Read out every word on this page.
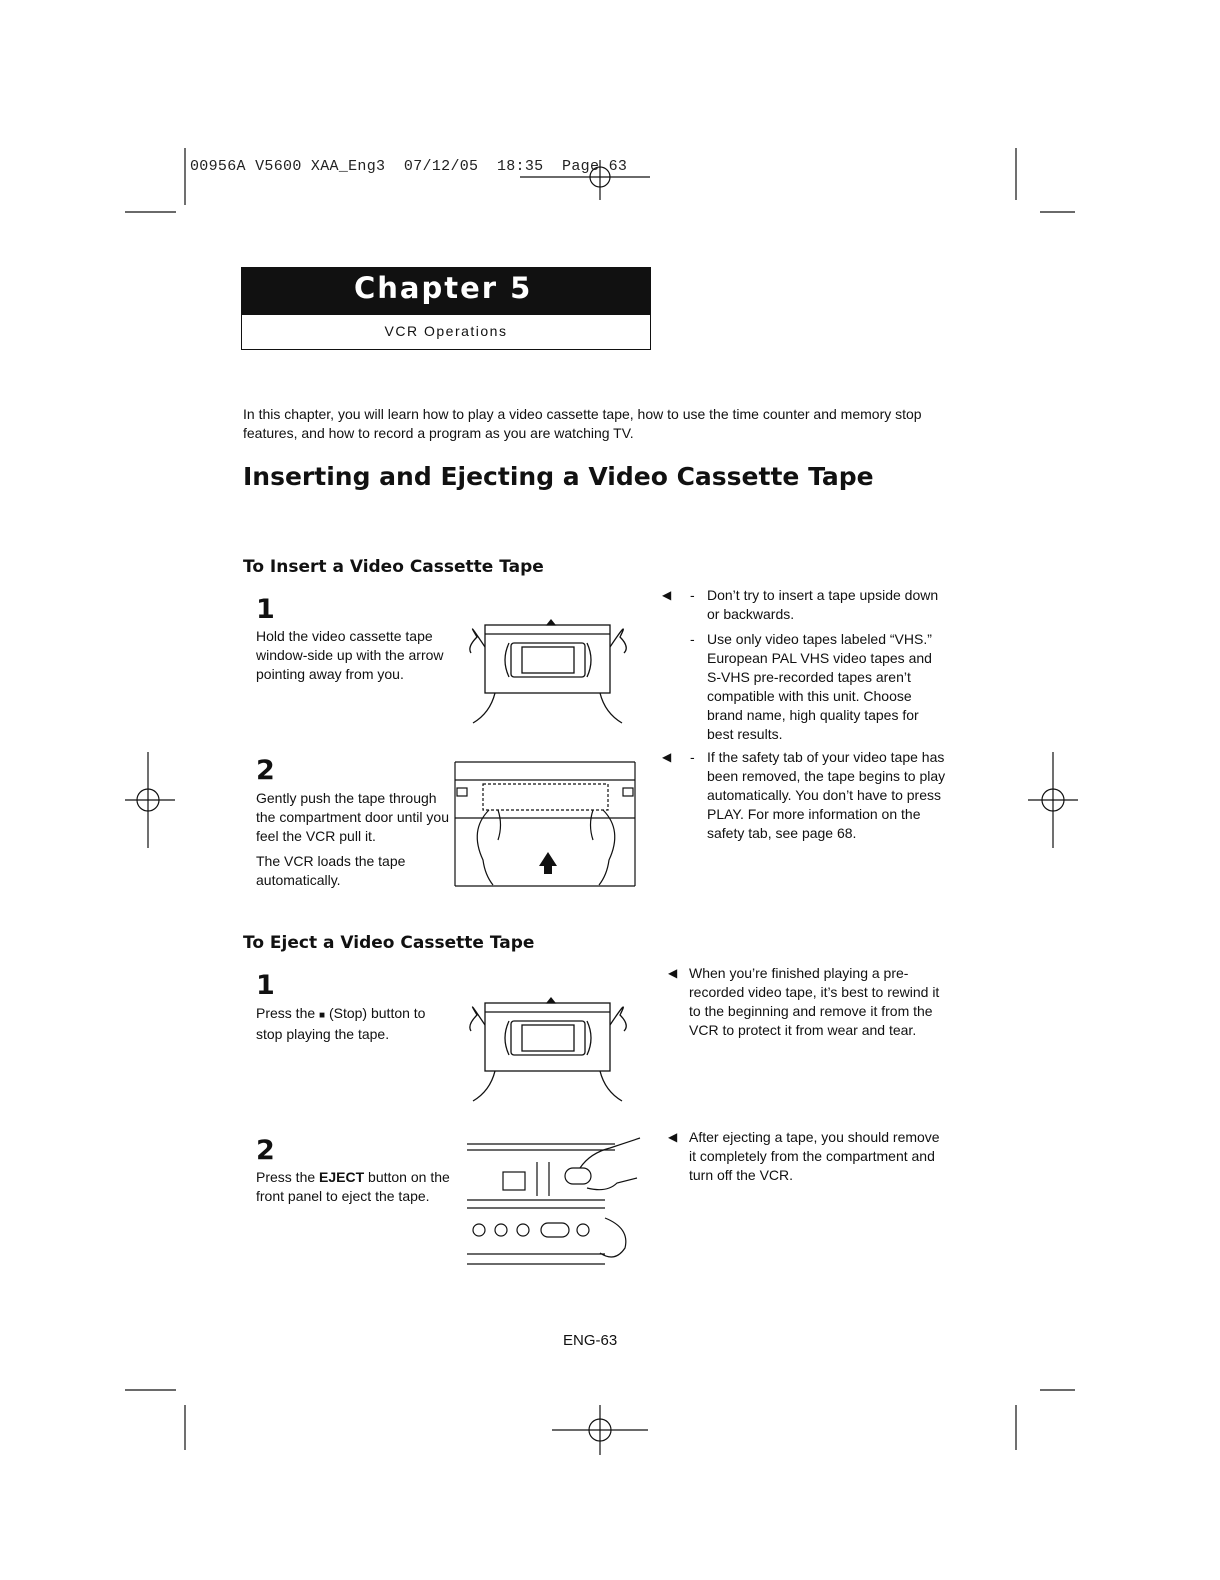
00956A V5600 XAA_Eng3  07/12/05  18:35  Page 63
Chapter 5
VCR Operations
In this chapter, you will learn how to play a video cassette tape, how to use the time counter and memory stop features, and how to record a program as you are watching TV.
Inserting and Ejecting a Video Cassette Tape
To Insert a Video Cassette Tape
1
Hold the video cassette tape window-side up with the arrow pointing away from you.
2
Gently push the tape through the compartment door until you feel the VCR pull it.
The VCR loads the tape automatically.
◀ - Don’t try to insert a tape upside down or backwards.
- Use only video tapes labeled “VHS.” European PAL VHS video tapes and S-VHS pre-recorded tapes aren’t compatible with this unit. Choose brand name, high quality tapes for best results.
◀ - If the safety tab of your video tape has been removed, the tape begins to play automatically. You don’t have to press PLAY. For more information on the safety tab, see page 68.
To Eject a Video Cassette Tape
1
Press the ■ (Stop) button to stop playing the tape.
2
Press the EJECT button on the front panel to eject the tape.
◀ When you’re finished playing a pre-recorded video tape, it’s best to rewind it to the beginning and remove it from the VCR to protect it from wear and tear.
◀ After ejecting a tape, you should remove it completely from the compartment and turn off the VCR.
ENG-63
